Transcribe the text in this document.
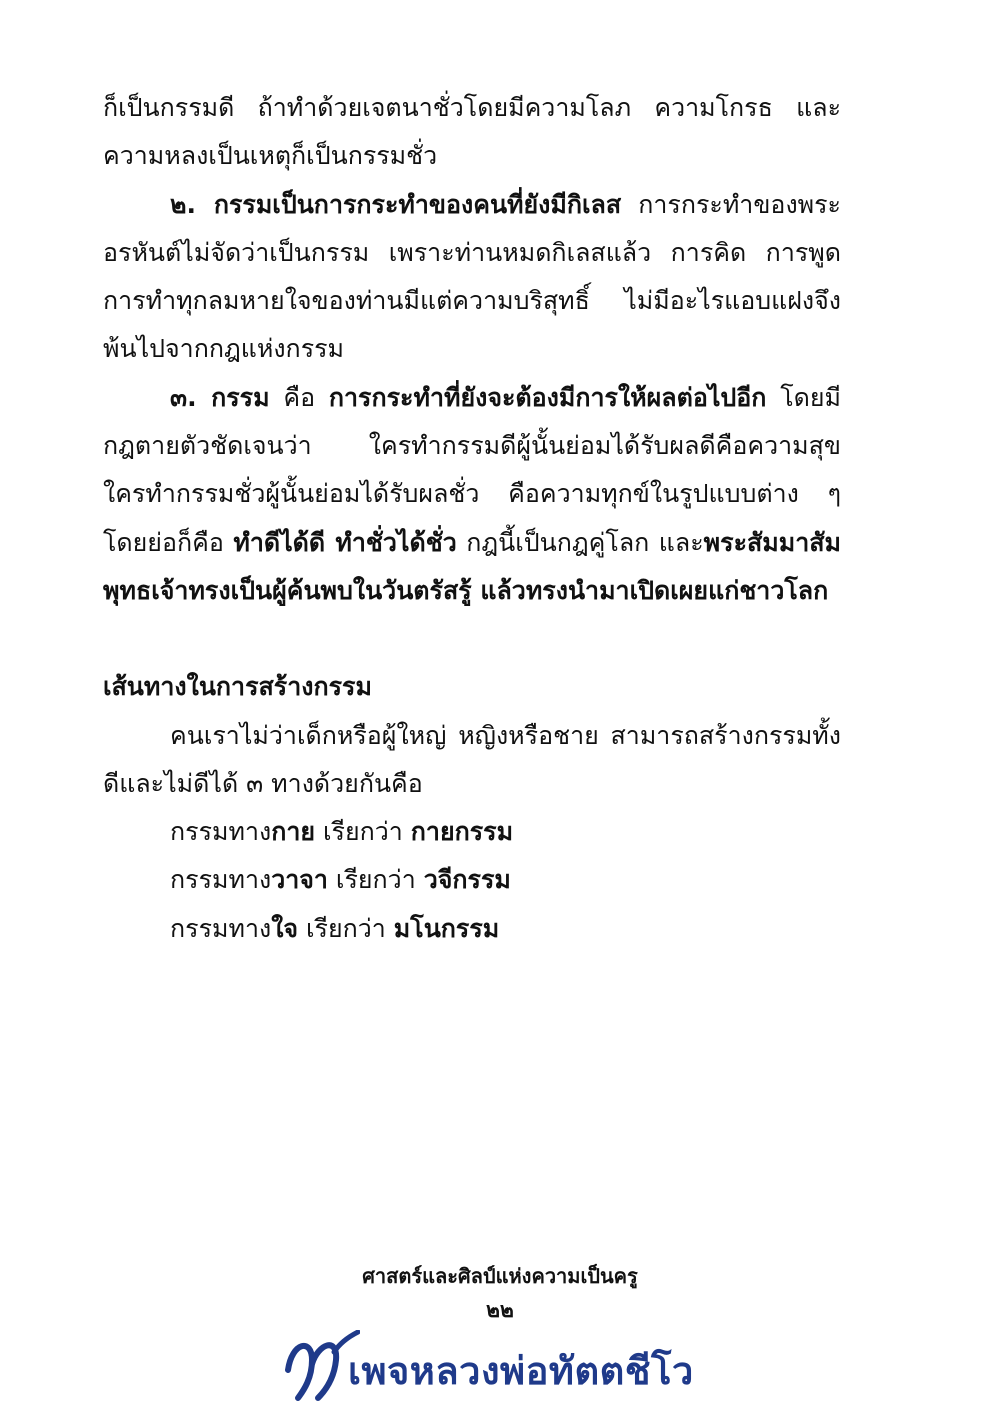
ก็เป็นกรรมดี ถ้าทำด้วยเจตนาชั่วโดยมีความโลภ ความโกรธ และความหลงเป็นเหตุก็เป็นกรรมชั่ว

๒. กรรมเป็นการกระทำของคนที่ยังมีกิเลส การกระทำของพระอรหันต์ไม่จัดว่าเป็นกรรม เพราะท่านหมดกิเลสแล้ว การคิด การพูด การทำทุกลมหายใจของท่านมีแต่ความบริสุทธิ์ ไม่มีอะไรแอบแฝงจึงพ้นไปจากกฎแห่งกรรม

๓. กรรม คือ การกระทำที่ยังจะต้องมีการให้ผลต่อไปอีก โดยมีกฎตายตัวชัดเจนว่า ใครทำกรรมดีผู้นั้นย่อมได้รับผลดีคือความสุข ใครทำกรรมชั่วผู้นั้นย่อมได้รับผลชั่ว คือความทุกข์ในรูปแบบต่าง ๆ โดยย่อก็คือ ทำดีได้ดี ทำชั่วได้ชั่ว กฎนี้เป็นกฎคู่โลก และพระสัมมาสัมพุทธเจ้าทรงเป็นผู้ค้นพบในวันตรัสรู้ แล้วทรงนำมาเปิดเผยแก่ชาวโลก

เส้นทางในการสร้างกรรม

คนเราไม่ว่าเด็กหรือผู้ใหญ่ หญิงหรือชาย สามารถสร้างกรรมทั้งดีและไม่ดีได้ ๓ ทางด้วยกันคือ

กรรมทางกาย เรียกว่า กายกรรม

กรรมทางวาจา เรียกว่า วจีกรรม

กรรมทางใจ เรียกว่า มโนกรรม

ศาสตร์และศิลป์แห่งความเป็นครู
๒๒
เพจหลวงพ่อทัตตชีโว
